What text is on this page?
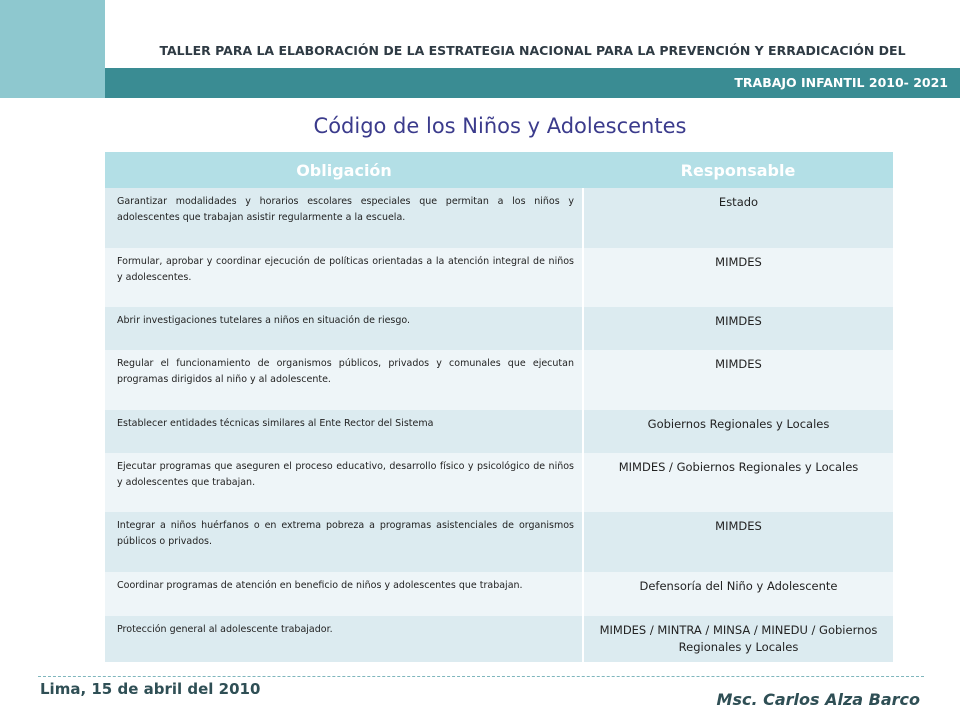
TALLER PARA LA ELABORACIÓN DE LA ESTRATEGIA NACIONAL PARA LA PREVENCIÓN Y ERRADICACIÓN DEL
TRABAJO INFANTIL 2010- 2021
Código de los Niños y Adolescentes
Obligación	Responsable
Garantizar modalidades y horarios escolares especiales que permitan a los niños y adolescentes que trabajan asistir regularmente a la escuela.	Estado
Formular, aprobar y coordinar ejecución de políticas orientadas a la atención integral de niños y adolescentes.	MIMDES
Abrir investigaciones tutelares a niños en situación de riesgo.	MIMDES
Regular el funcionamiento de organismos públicos, privados y comunales que ejecutan programas dirigidos al niño y al adolescente.	MIMDES
Establecer entidades técnicas similares al Ente Rector del Sistema	Gobiernos Regionales y Locales
Ejecutar programas que aseguren el proceso educativo, desarrollo físico y psicológico de niños y adolescentes que trabajan.	MIMDES / Gobiernos Regionales y Locales
Integrar a niños huérfanos o en extrema pobreza a programas asistenciales de organismos públicos o privados.	MIMDES
Coordinar programas de atención en beneficio de niños y adolescentes que trabajan.	Defensoría del Niño y Adolescente
Protección general al adolescente trabajador.	MIMDES / MINTRA / MINSA / MINEDU / Gobiernos Regionales y Locales
Lima, 15 de abril del 2010
Msc. Carlos Alza Barco
